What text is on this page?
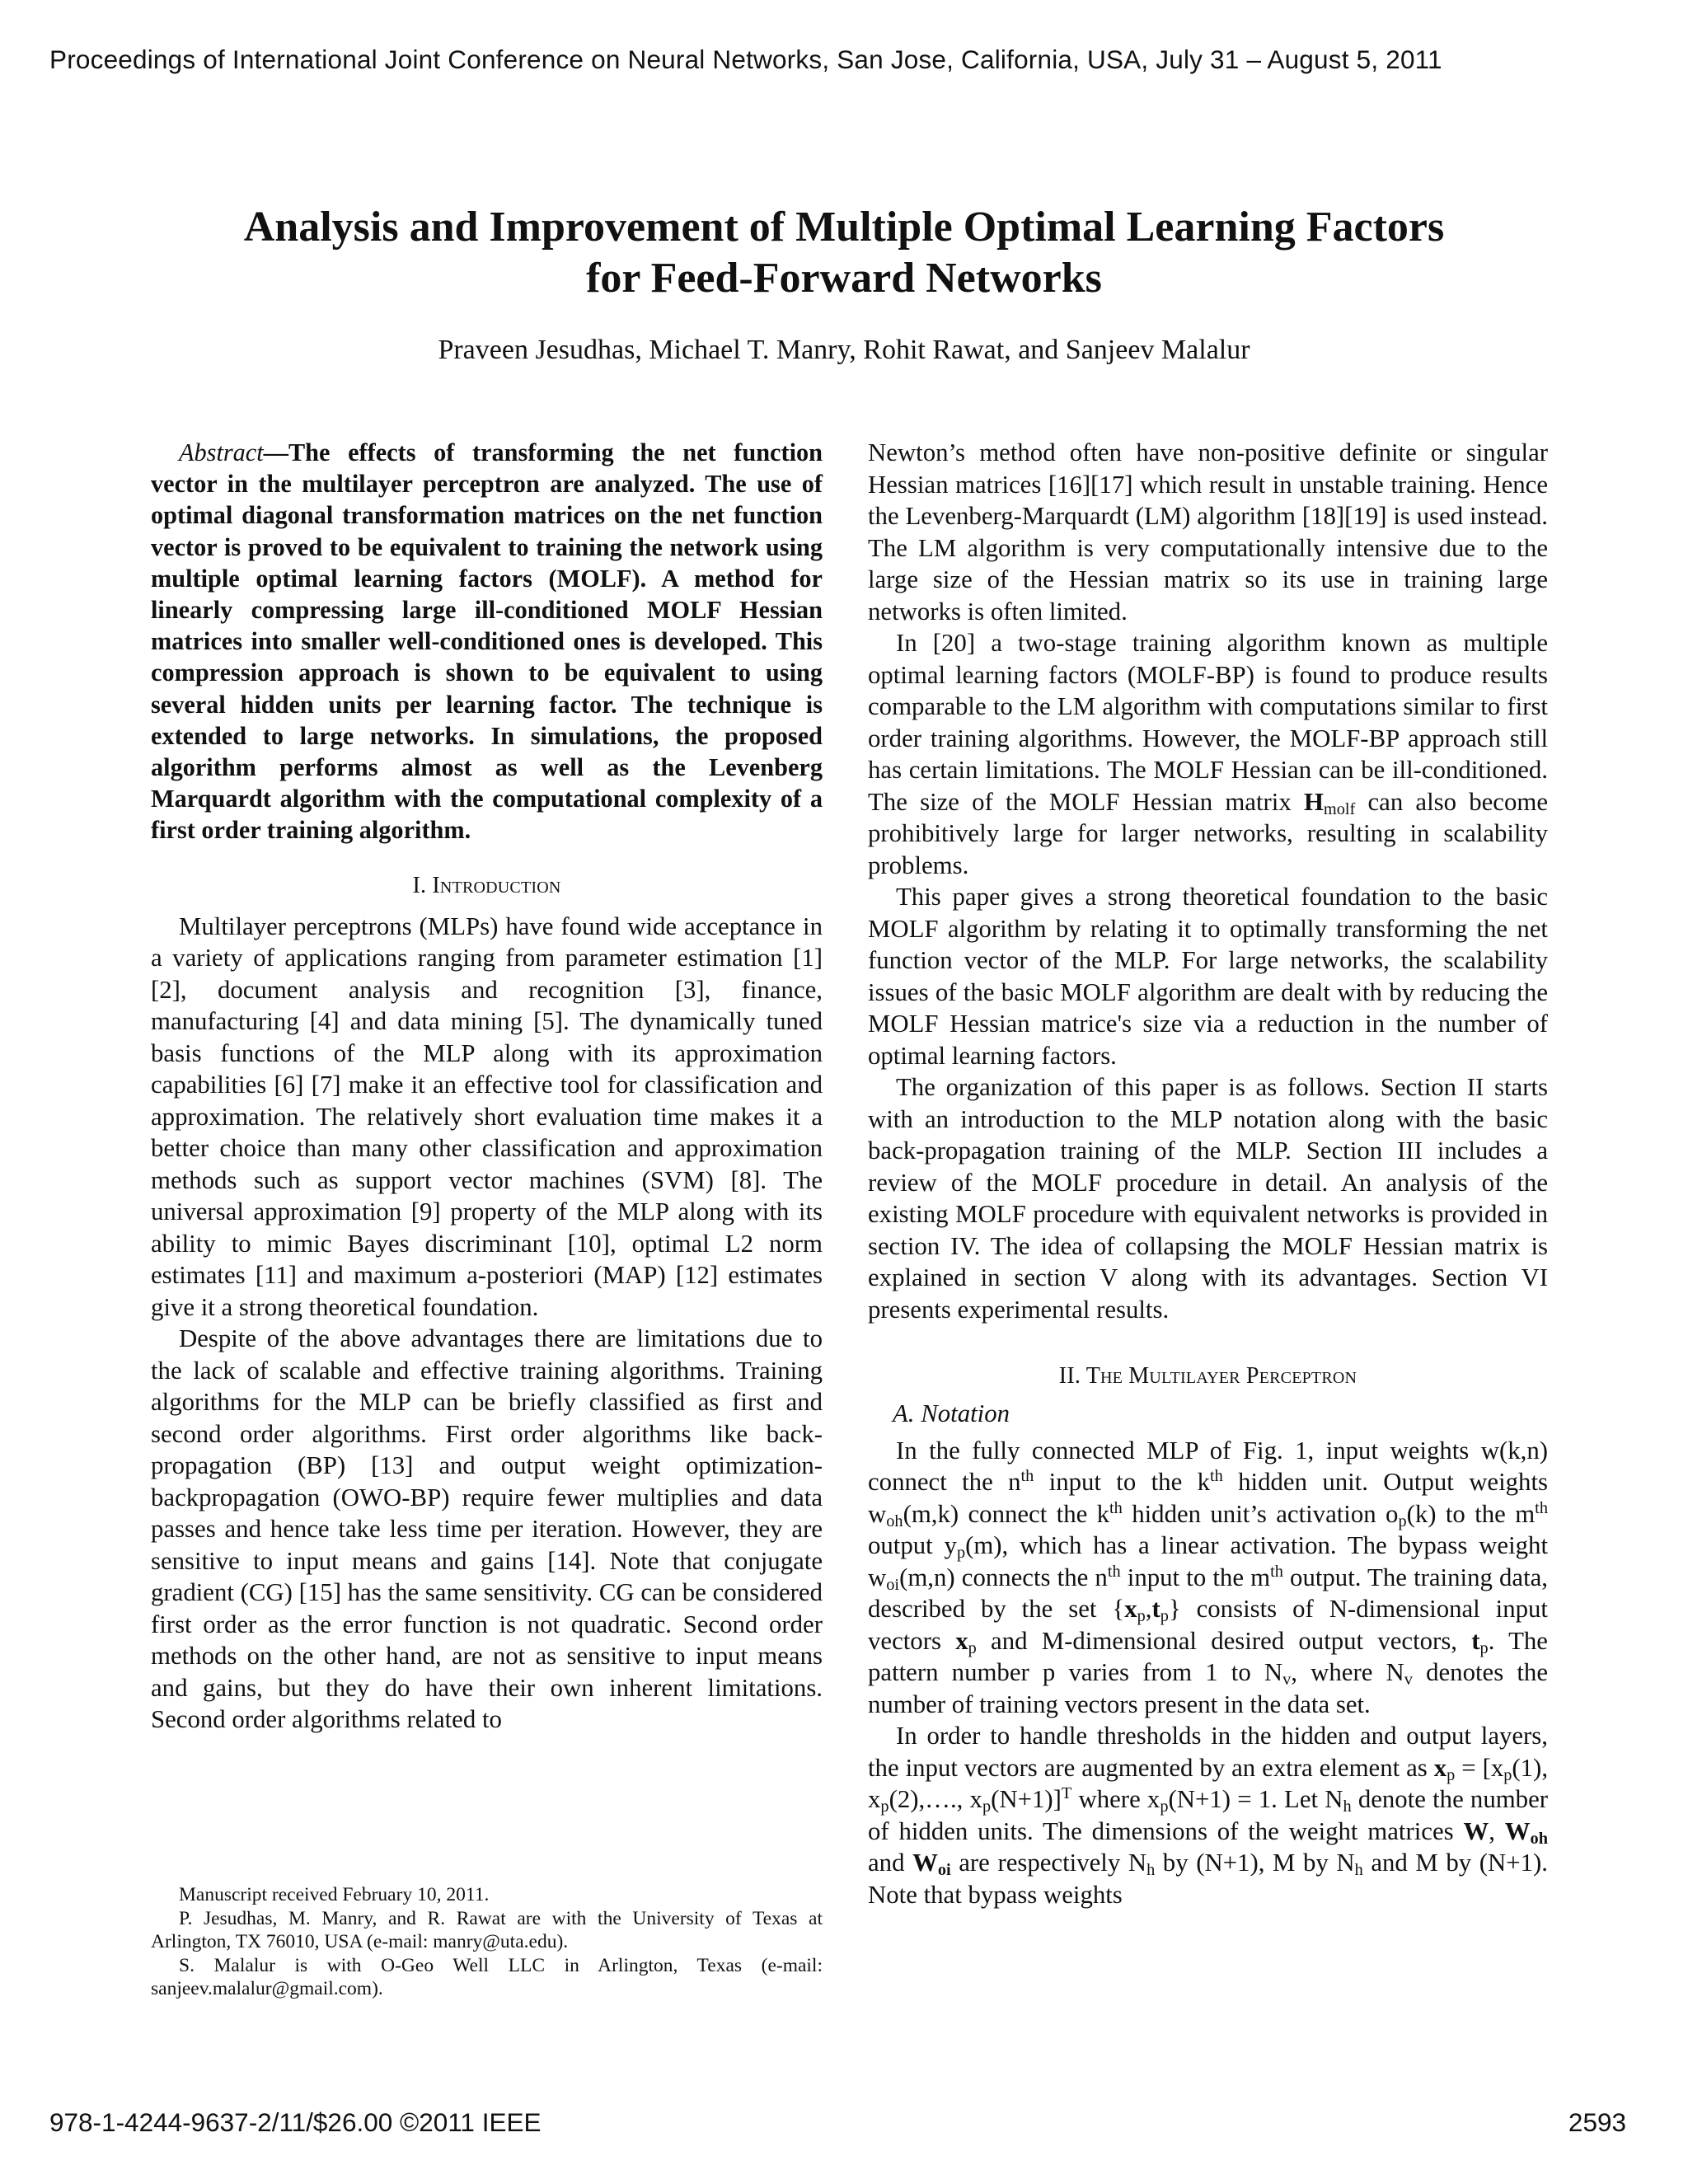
Proceedings of International Joint Conference on Neural Networks, San Jose, California, USA, July 31 – August 5, 2011
Analysis and Improvement of Multiple Optimal Learning Factors
for Feed-Forward Networks
Praveen Jesudhas, Michael T. Manry, Rohit Rawat, and Sanjeev Malalur

Abstract—The effects of transforming the net function vector in the multilayer perceptron are analyzed. The use of optimal diagonal transformation matrices on the net function vector is proved to be equivalent to training the network using multiple optimal learning factors (MOLF). A method for linearly compressing large ill-conditioned MOLF Hessian matrices into smaller well-conditioned ones is developed. This compression approach is shown to be equivalent to using several hidden units per learning factor. The technique is extended to large networks. In simulations, the proposed algorithm performs almost as well as the Levenberg Marquardt algorithm with the computational complexity of a first order training algorithm.

I. Introduction

Multilayer perceptrons (MLPs) have found wide acceptance in a variety of applications ranging from parameter estimation [1][2], document analysis and recognition [3], finance, manufacturing [4] and data mining [5]. The dynamically tuned basis functions of the MLP along with its approximation capabilities [6] [7] make it an effective tool for classification and approximation. The relatively short evaluation time makes it a better choice than many other classification and approximation methods such as support vector machines (SVM) [8]. The universal approximation [9] property of the MLP along with its ability to mimic Bayes discriminant [10], optimal L2 norm estimates [11] and maximum a-posteriori (MAP) [12] estimates give it a strong theoretical foundation.

Despite of the above advantages there are limitations due to the lack of scalable and effective training algorithms. Training algorithms for the MLP can be briefly classified as first and second order algorithms. First order algorithms like back-propagation (BP) [13] and output weight optimization-backpropagation (OWO-BP) require fewer multiplies and data passes and hence take less time per iteration. However, they are sensitive to input means and gains [14]. Note that conjugate gradient (CG) [15] has the same sensitivity. CG can be considered first order as the error function is not quadratic. Second order methods on the other hand, are not as sensitive to input means and gains, but they do have their own inherent limitations. Second order algorithms related to

Newton’s method often have non-positive definite or singular Hessian matrices [16][17] which result in unstable training. Hence the Levenberg-Marquardt (LM) algorithm [18][19] is used instead. The LM algorithm is very computationally intensive due to the large size of the Hessian matrix so its use in training large networks is often limited.

In [20] a two-stage training algorithm known as multiple optimal learning factors (MOLF-BP) is found to produce results comparable to the LM algorithm with computations similar to first order training algorithms. However, the MOLF-BP approach still has certain limitations. The MOLF Hessian can be ill-conditioned. The size of the MOLF Hessian matrix $H_{molf}$ can also become prohibitively large for larger networks, resulting in scalability problems.

This paper gives a strong theoretical foundation to the basic MOLF algorithm by relating it to optimally transforming the net function vector of the MLP. For large networks, the scalability issues of the basic MOLF algorithm are dealt with by reducing the MOLF Hessian matrice's size via a reduction in the number of optimal learning factors.

The organization of this paper is as follows. Section II starts with an introduction to the MLP notation along with the basic back-propagation training of the MLP. Section III includes a review of the MOLF procedure in detail. An analysis of the existing MOLF procedure with equivalent networks is provided in section IV. The idea of collapsing the MOLF Hessian matrix is explained in section V along with its advantages. Section VI presents experimental results.

II. The Multilayer Perceptron
A. Notation

In the fully connected MLP of Fig. 1, input weights w(k,n) connect the $n^{th}$ input to the $k^{th}$ hidden unit. Output weights $w_{oh}(m,k)$ connect the $k^{th}$ hidden unit’s activation $o_p(k)$ to the $m^{th}$ output $y_p(m)$, which has a linear activation. The bypass weight $w_{oi}(m,n)$ connects the $n^{th}$ input to the $m^{th}$ output. The training data, described by the set $\{x_p,t_p\}$ consists of N-dimensional input vectors $x_p$ and M-dimensional desired output vectors, $t_p$. The pattern number p varies from 1 to $N_v$, where $N_v$ denotes the number of training vectors present in the data set.

In order to handle thresholds in the hidden and output layers, the input vectors are augmented by an extra element as $x_p = [x_p(1)$, $x_p(2),\dots$., $x_p(N+1)]^T$ where $x_p(N+1) = 1$. Let $N_h$ denote the number of hidden units. The dimensions of the weight matrices W, $W_{oh}$ and $W_{oi}$ are respectively $N_h$ by (N+1), M by $N_h$ and M by (N+1). Note that bypass weights

Manuscript received February 10, 2011.

P. Jesudhas, M. Manry, and R. Rawat are with the University of Texas at Arlington, TX 76010, USA (e-mail: manry@uta.edu).

S. Malalur is with O-Geo Well LLC in Arlington, Texas (e-mail: sanjeev.malalur@gmail.com).

978-1-4244-9637-2/11/$26.00 ©2011 IEEE	2593
